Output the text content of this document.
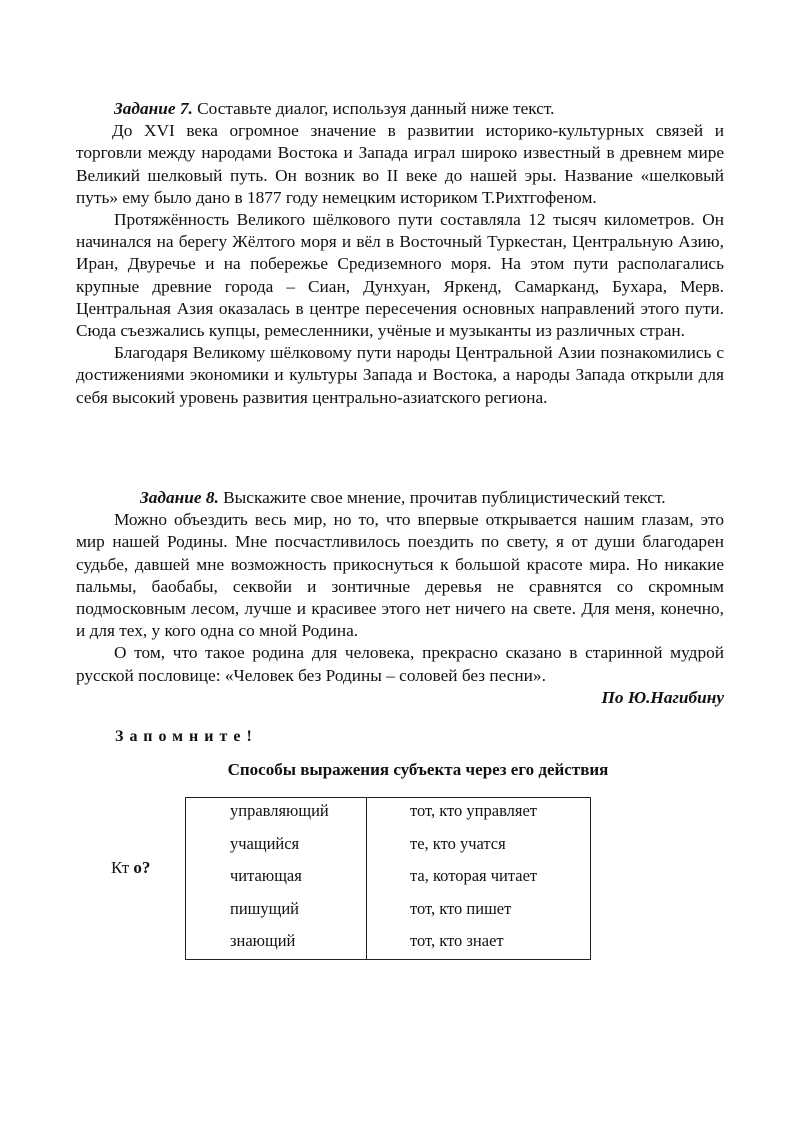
Задание 7. Составьте диалог, используя данный ниже текст.

До XVI века огромное значение в развитии историко-культурных связей и торговли между народами Востока и Запада играл широко известный в древнем мире Великий шелковый путь. Он возник во II веке до нашей эры. Название «шелковый путь» ему было дано в 1877 году немецким историком Т.Рихтгофеном.

Протяжённость Великого шёлкового пути составляла 12 тысяч километров. Он начинался на берегу Жёлтого моря и вёл в Восточный Туркестан, Центральную Азию, Иран, Двуречье и на побережье Средиземного моря. На этом пути располагались крупные древние города – Сиан, Дунхуан, Яркенд, Самарканд, Бухара, Мерв. Центральная Азия оказалась в центре пересечения основных направлений этого пути. Сюда съезжались купцы, ремесленники, учёные и музыканты из различных стран.

Благодаря Великому шёлковому пути народы Центральной Азии познакомились с достижениями экономики и культуры Запада и Востока, а народы Запада открыли для себя высокий уровень развития центрально-азиатского региона.

Задание 8. Выскажите свое мнение, прочитав публицистический текст.

Можно объездить весь мир, но то, что впервые открывается нашим глазам, это мир нашей Родины. Мне посчастливилось поездить по свету, я от души благодарен судьбе, давшей мне возможность прикоснуться к большой красоте мира. Но никакие пальмы, баобабы, секвойи и зонтичные деревья не сравнятся со скромным подмосковным лесом, лучше и красивее этого нет ничего на свете. Для меня, конечно, и для тех, у кого одна со мной Родина.

О том, что такое родина для человека, прекрасно сказано в старинной мудрой русской пословице: «Человек без Родины – соловей без песни».

По Ю.Нагибину

Запомните!
Способы выражения субъекта через его действия
Кт о?
управляющий	тот, кто управляет
учащийся	те, кто учатся
читающая	та, которая читает
пишущий	тот, кто пишет
знающий	тот, кто знает
